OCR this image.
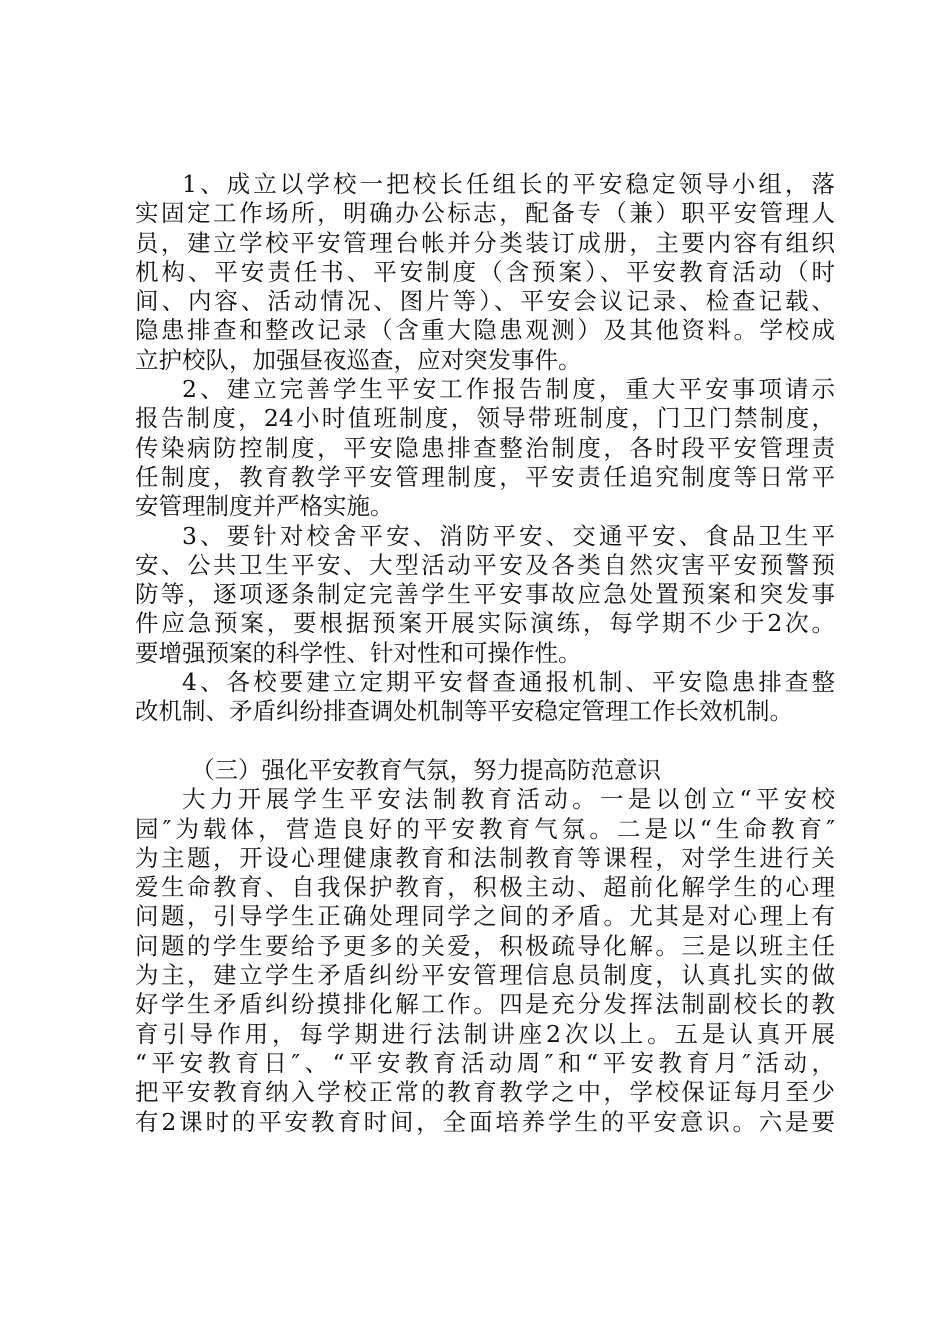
1、成立以学校一把校长任组长的平安稳定领导小组，落
实固定工作场所，明确办公标志，配备专（兼）职平安管理人
员，建立学校平安管理台帐并分类装订成册，主要内容有组织
机构、平安责任书、平安制度（含预案）、平安教育活动（时
间、内容、活动情况、图片等）、平安会议记录、检查记载、
隐患排查和整改记录（含重大隐患观测）及其他资料。学校成
立护校队，加强昼夜巡查，应对突发事件。
2、建立完善学生平安工作报告制度，重大平安事项请示
报告制度，24小时值班制度，领导带班制度，门卫门禁制度，
传染病防控制度，平安隐患排查整治制度，各时段平安管理责
任制度，教育教学平安管理制度，平安责任追究制度等日常平
安管理制度并严格实施。
3、要针对校舍平安、消防平安、交通平安、食品卫生平
安、公共卫生平安、大型活动平安及各类自然灾害平安预警预
防等，逐项逐条制定完善学生平安事故应急处置预案和突发事
件应急预案，要根据预案开展实际演练，每学期不少于2次。
要增强预案的科学性、针对性和可操作性。
4、各校要建立定期平安督查通报机制、平安隐患排查整
改机制、矛盾纠纷排查调处机制等平安稳定管理工作长效机制。
（三）强化平安教育气氛，努力提高防范意识
大力开展学生平安法制教育活动。一是以创立“平安校
园″为载体，营造良好的平安教育气氛。二是以“生命教育″
为主题，开设心理健康教育和法制教育等课程，对学生进行关
爱生命教育、自我保护教育，积极主动、超前化解学生的心理
问题，引导学生正确处理同学之间的矛盾。尤其是对心理上有
问题的学生要给予更多的关爱，积极疏导化解。三是以班主任
为主，建立学生矛盾纠纷平安管理信息员制度，认真扎实的做
好学生矛盾纠纷摸排化解工作。四是充分发挥法制副校长的教
育引导作用，每学期进行法制讲座2次以上。五是认真开展
“平安教育日″、“平安教育活动周″和“平安教育月″活动，
把平安教育纳入学校正常的教育教学之中，学校保证每月至少
有2课时的平安教育时间，全面培养学生的平安意识。六是要
